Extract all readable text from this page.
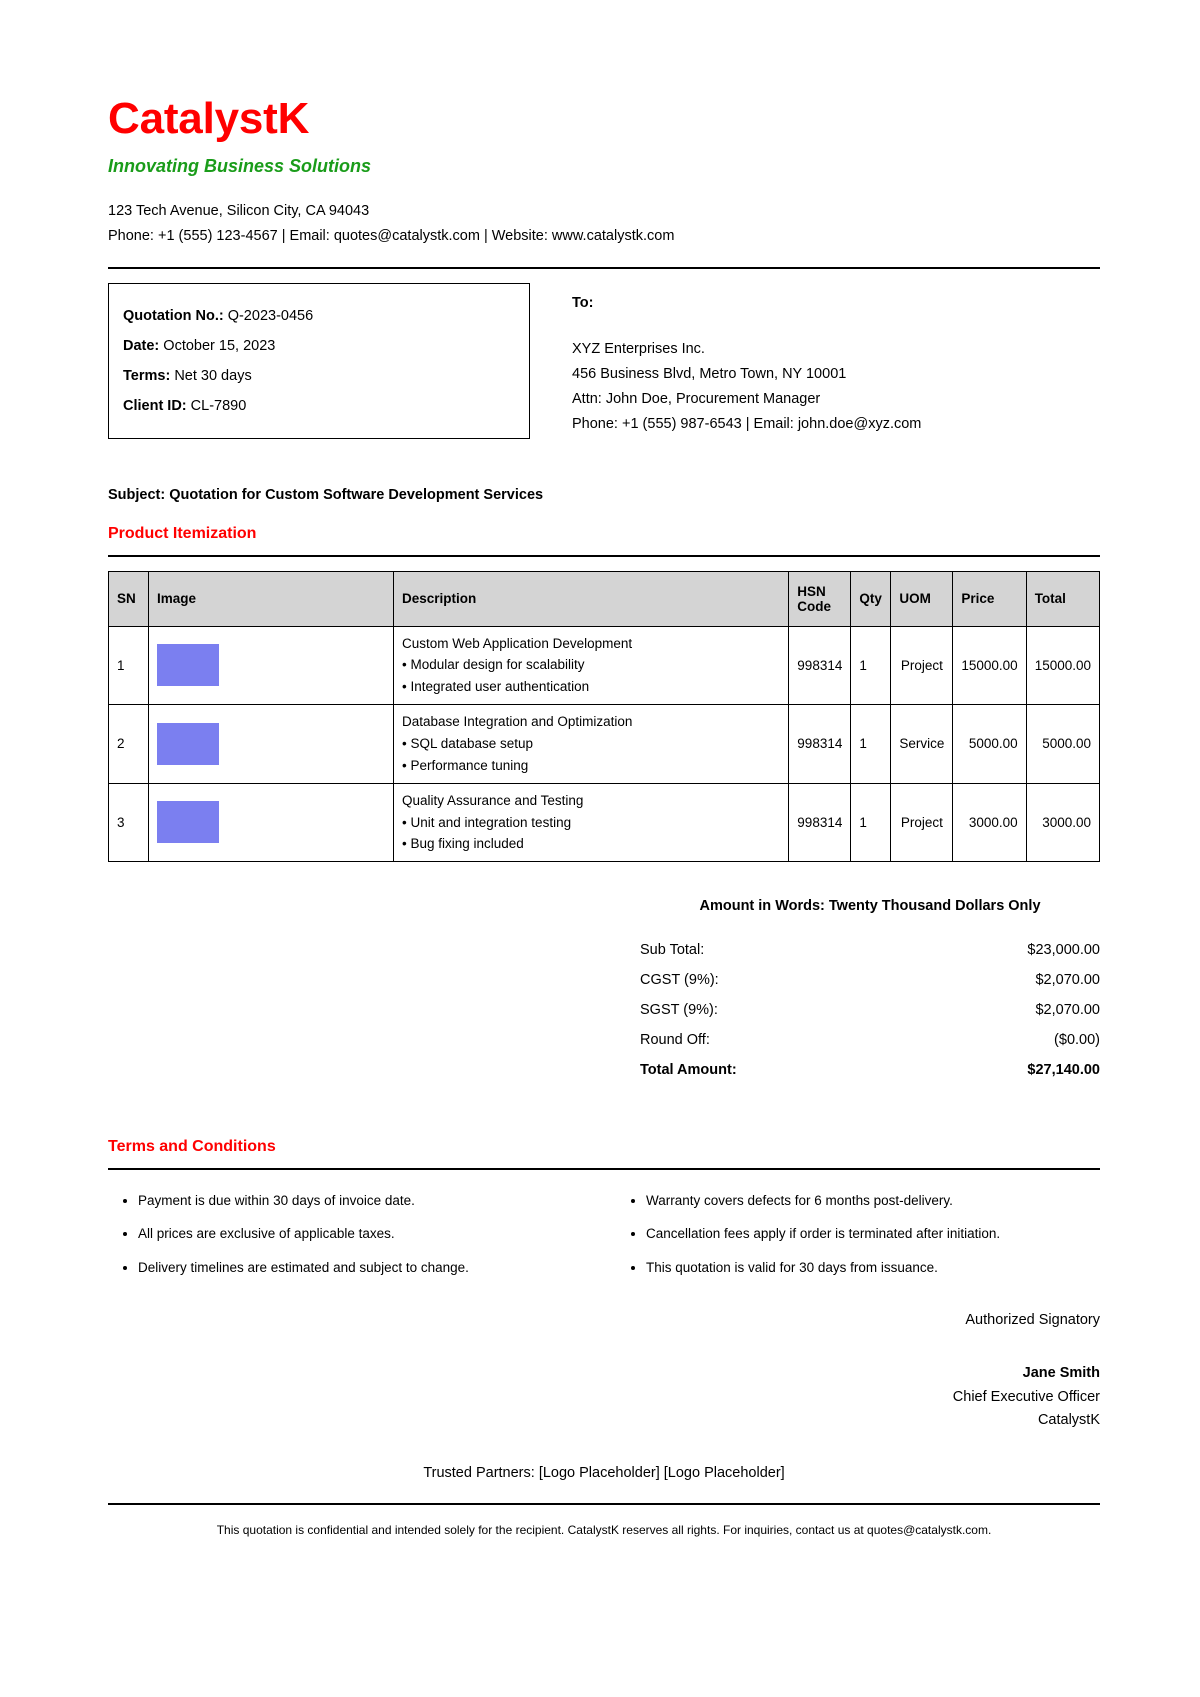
CatalystK
Innovating Business Solutions
123 Tech Avenue, Silicon City, CA 94043
Phone: +1 (555) 123-4567 | Email: quotes@catalystk.com | Website: www.catalystk.com
Quotation No.: Q-2023-0456
Date: October 15, 2023
Terms: Net 30 days
Client ID: CL-7890
To:
XYZ Enterprises Inc.
456 Business Blvd, Metro Town, NY 10001
Attn: John Doe, Procurement Manager
Phone: +1 (555) 987-6543 | Email: john.doe@xyz.com
Subject: Quotation for Custom Software Development Services
Product Itemization
SN	Image	Description	HSN Code	Qty	UOM	Price	Total
1		Custom Web Application Development
• Modular design for scalability
• Integrated user authentication	998314	1	Project	15000.00	15000.00
2		Database Integration and Optimization
• SQL database setup
• Performance tuning	998314	1	Service	5000.00	5000.00
3		Quality Assurance and Testing
• Unit and integration testing
• Bug fixing included	998314	1	Project	3000.00	3000.00
Amount in Words: Twenty Thousand Dollars Only
Sub Total:	$23,000.00
CGST (9%):	$2,070.00
SGST (9%):	$2,070.00
Round Off:	($0.00)
Total Amount:	$27,140.00
Terms and Conditions
• Payment is due within 30 days of invoice date.
• All prices are exclusive of applicable taxes.
• Delivery timelines are estimated and subject to change.
• Warranty covers defects for 6 months post-delivery.
• Cancellation fees apply if order is terminated after initiation.
• This quotation is valid for 30 days from issuance.
Authorized Signatory
Jane Smith
Chief Executive Officer
CatalystK
Trusted Partners: [Logo Placeholder] [Logo Placeholder]
This quotation is confidential and intended solely for the recipient. CatalystK reserves all rights. For inquiries, contact us at quotes@catalystk.com.
